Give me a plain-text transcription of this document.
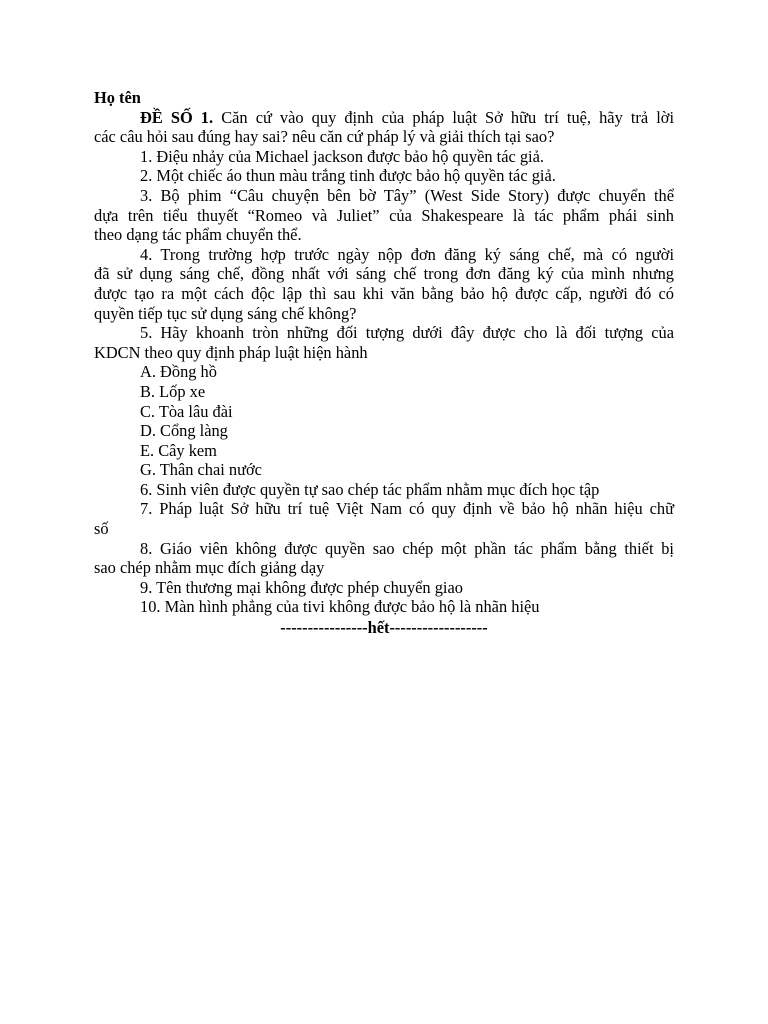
Họ tên
ĐỀ SỐ 1. Căn cứ vào quy định của pháp luật Sở hữu trí tuệ, hãy trả lời
các câu hỏi sau đúng hay sai? nêu căn cứ pháp lý và giải thích tại sao?
1. Điệu nhảy của Michael jackson được bảo hộ quyền tác giả.
2. Một chiếc áo thun màu trắng tinh được bảo hộ quyền tác giả.
3. Bộ phim “Câu chuyện bên bờ Tây” (West Side Story) được chuyển thể
dựa trên tiểu thuyết “Romeo và Juliet” của Shakespeare là tác phẩm phái sinh
theo dạng tác phẩm chuyển thể.
4. Trong trường hợp trước ngày nộp đơn đăng ký sáng chế, mà có người
đã sử dụng sáng chế, đồng nhất với sáng chế trong đơn đăng ký của mình nhưng
được tạo ra một cách độc lập thì sau khi văn bằng bảo hộ được cấp, người đó có
quyền tiếp tục sử dụng sáng chế không?
5. Hãy khoanh tròn những đối tượng dưới đây được cho là đối tượng của
KDCN theo quy định pháp luật hiện hành
A. Đồng hồ
B. Lốp xe
C. Tòa lâu đài
D. Cổng làng
E. Cây kem
G. Thân chai nước
6. Sinh viên được quyền tự sao chép tác phẩm nhằm mục đích học tập
7. Pháp luật Sở hữu trí tuệ Việt Nam có quy định về bảo hộ nhãn hiệu chữ
số
8. Giáo viên không được quyền sao chép một phần tác phẩm bằng thiết bị
sao chép nhằm mục đích giảng dạy
9. Tên thương mại không được phép chuyển giao
10. Màn hình phẳng của tivi không được bảo hộ là nhãn hiệu
----------------hết------------------
